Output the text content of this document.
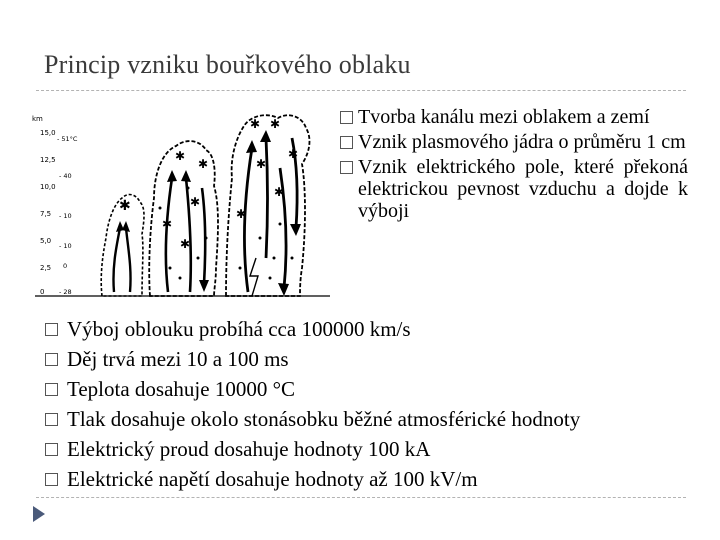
Princip vzniku bouřkového oblaku
km
15,0
12,5
10,0
7,5
5,0
2,5
0
- 51°C
- 40
- 10
- 10
0
- 28
✱
✱
✱
✱
✱
✱
✱
✱
✱
✱
✱
✱	Tvorba kanálu mezi oblakem a zemí
Vznik plasmového jádra o průměru 1 cm
Vznik elektrického pole, které překoná elektrickou pevnost vzduchu a dojde k výboji
Výboj oblouku probíhá cca 100000 km/s
Děj trvá mezi 10 a 100 ms
Teplota dosahuje 10000 °C
Tlak dosahuje okolo stonásobku běžné atmosférické hodnoty
Elektrický proud dosahuje hodnoty 100 kA
Elektrické napětí dosahuje hodnoty až 100 kV/m
